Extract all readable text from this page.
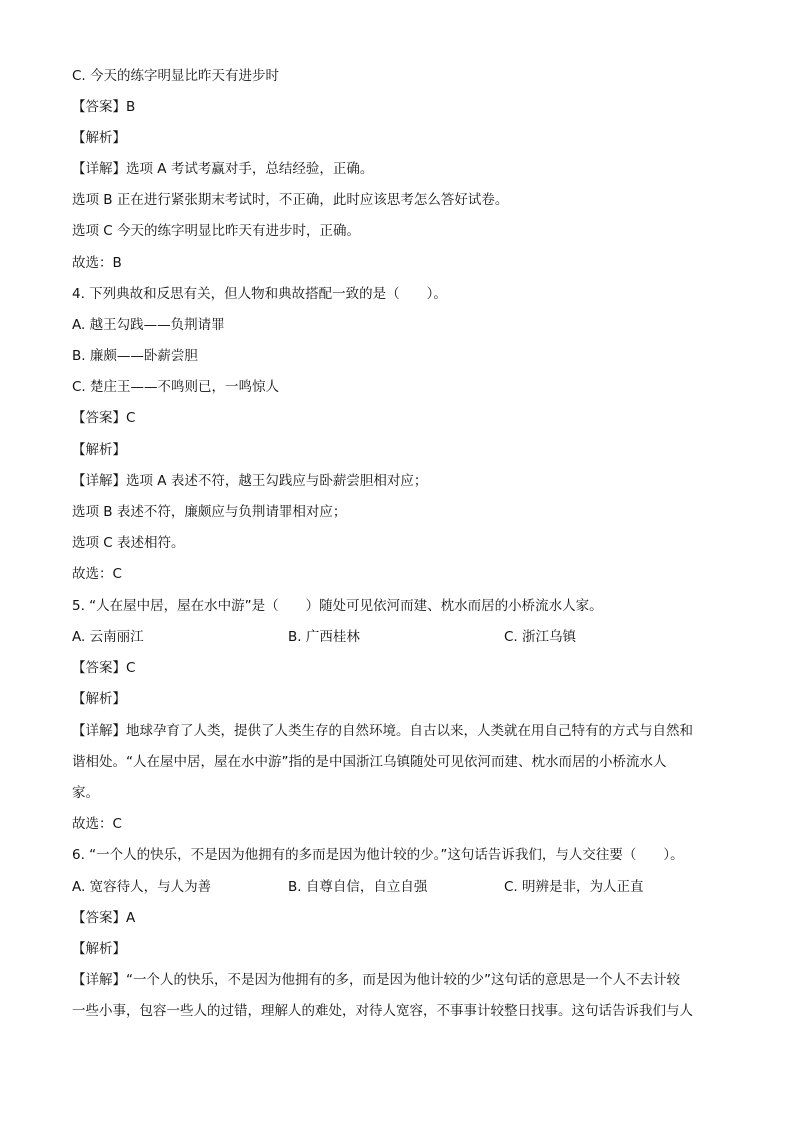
C. 今天的练字明显比昨天有进步时
【答案】B
【解析】
【详解】选项 A 考试考赢对手，总结经验，正确。
选项 B 正在进行紧张期末考试时，不正确，此时应该思考怎么答好试卷。
选项 C 今天的练字明显比昨天有进步时，正确。
故选：B
4. 下列典故和反思有关，但人物和典故搭配一致的是（　　）。
A. 越王勾践——负荆请罪
B. 廉颇——卧薪尝胆
C. 楚庄王——不鸣则已，一鸣惊人
【答案】C
【解析】
【详解】选项 A 表述不符，越王勾践应与卧薪尝胆相对应；
选项 B 表述不符，廉颇应与负荆请罪相对应；
选项 C 表述相符。
故选：C
5. “人在屋中居，屋在水中游”是（　　）随处可见依河而建、枕水而居的小桥流水人家。
A. 云南丽江	B. 广西桂林	C. 浙江乌镇
【答案】C
【解析】
【详解】地球孕育了人类，提供了人类生存的自然环境。自古以来，人类就在用自己特有的方式与自然和
谐相处。“人在屋中居，屋在水中游”指的是中国浙江乌镇随处可见依河而建、枕水而居的小桥流水人
家。
故选：C
6. “一个人的快乐，不是因为他拥有的多而是因为他计较的少。”这句话告诉我们，与人交往要（　　）。
A. 宽容待人，与人为善	B. 自尊自信，自立自强	C. 明辨是非，为人正直
【答案】A
【解析】
【详解】“一个人的快乐，不是因为他拥有的多，而是因为他计较的少”这句话的意思是一个人不去计较
一些小事，包容一些人的过错，理解人的难处，对待人宽容，不事事计较整日找事。这句话告诉我们与人
